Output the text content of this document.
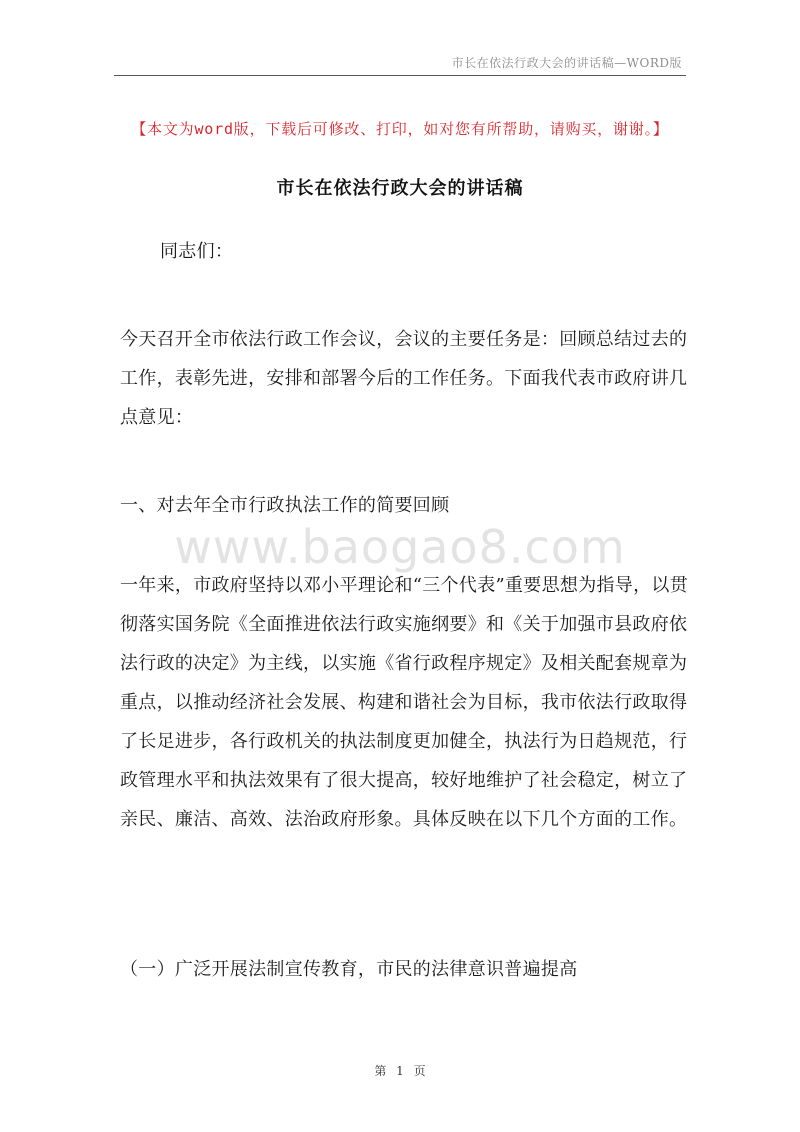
市长在依法行政大会的讲话稿—WORD版
【本文为word版，下载后可修改、打印，如对您有所帮助，请购买，谢谢。】
市长在依法行政大会的讲话稿
同志们：
今天召开全市依法行政工作会议，会议的主要任务是：回顾总结过去的工作，表彰先进，安排和部署今后的工作任务。下面我代表市政府讲几点意见：
一、对去年全市行政执法工作的简要回顾
www.baogao8.com
一年来，市政府坚持以邓小平理论和“三个代表”重要思想为指导，以贯彻落实国务院《全面推进依法行政实施纲要》和《关于加强市县政府依法行政的决定》为主线，以实施《省行政程序规定》及相关配套规章为重点，以推动经济社会发展、构建和谐社会为目标，我市依法行政取得了长足进步，各行政机关的执法制度更加健全，执法行为日趋规范，行政管理水平和执法效果有了很大提高，较好地维护了社会稳定，树立了亲民、廉洁、高效、法治政府形象。具体反映在以下几个方面的工作。
（一）广泛开展法制宣传教育，市民的法律意识普遍提高
第 1 页
